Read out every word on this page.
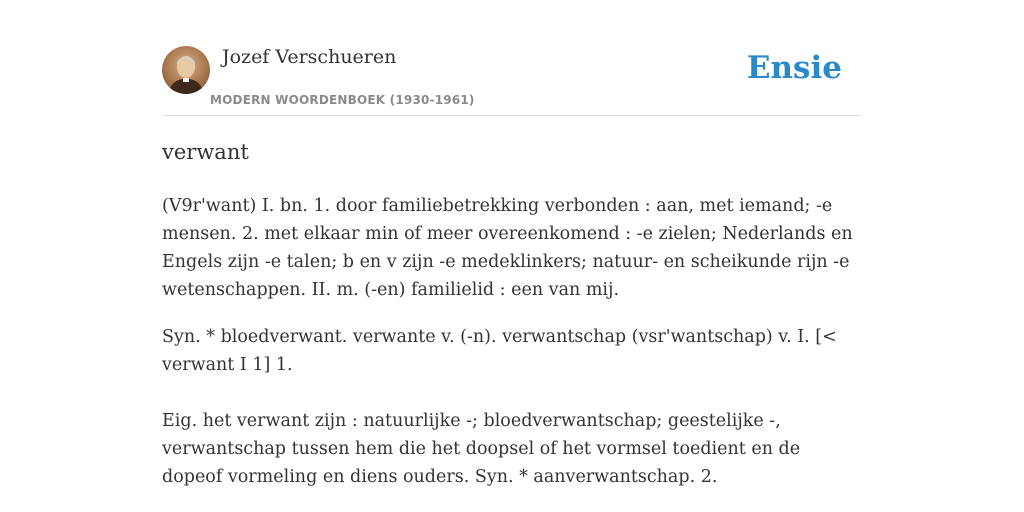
Jozef Verschueren
MODERN WOORDENBOEK (1930-1961)
Ensie
verwant

(V9r'want) I. bn. 1. door familiebetrekking verbonden : aan, met iemand; -e mensen. 2. met elkaar min of meer overeenkomend : -e zielen; Nederlands en Engels zijn -e talen; b en v zijn -e medeklinkers; natuur- en scheikunde rijn -e wetenschappen. II. m. (-en) familielid : een van mij.

Syn. * bloedverwant. verwante v. (-n). verwantschap (vsr'wantschap) v. I. [< verwant I 1] 1.

Eig. het verwant zijn : natuurlijke -; bloedverwantschap; geestelijke -, verwantschap tussen hem die het doopsel of het vormsel toedient en de dopeof vormeling en diens ouders. Syn. * aanverwantschap. 2.
